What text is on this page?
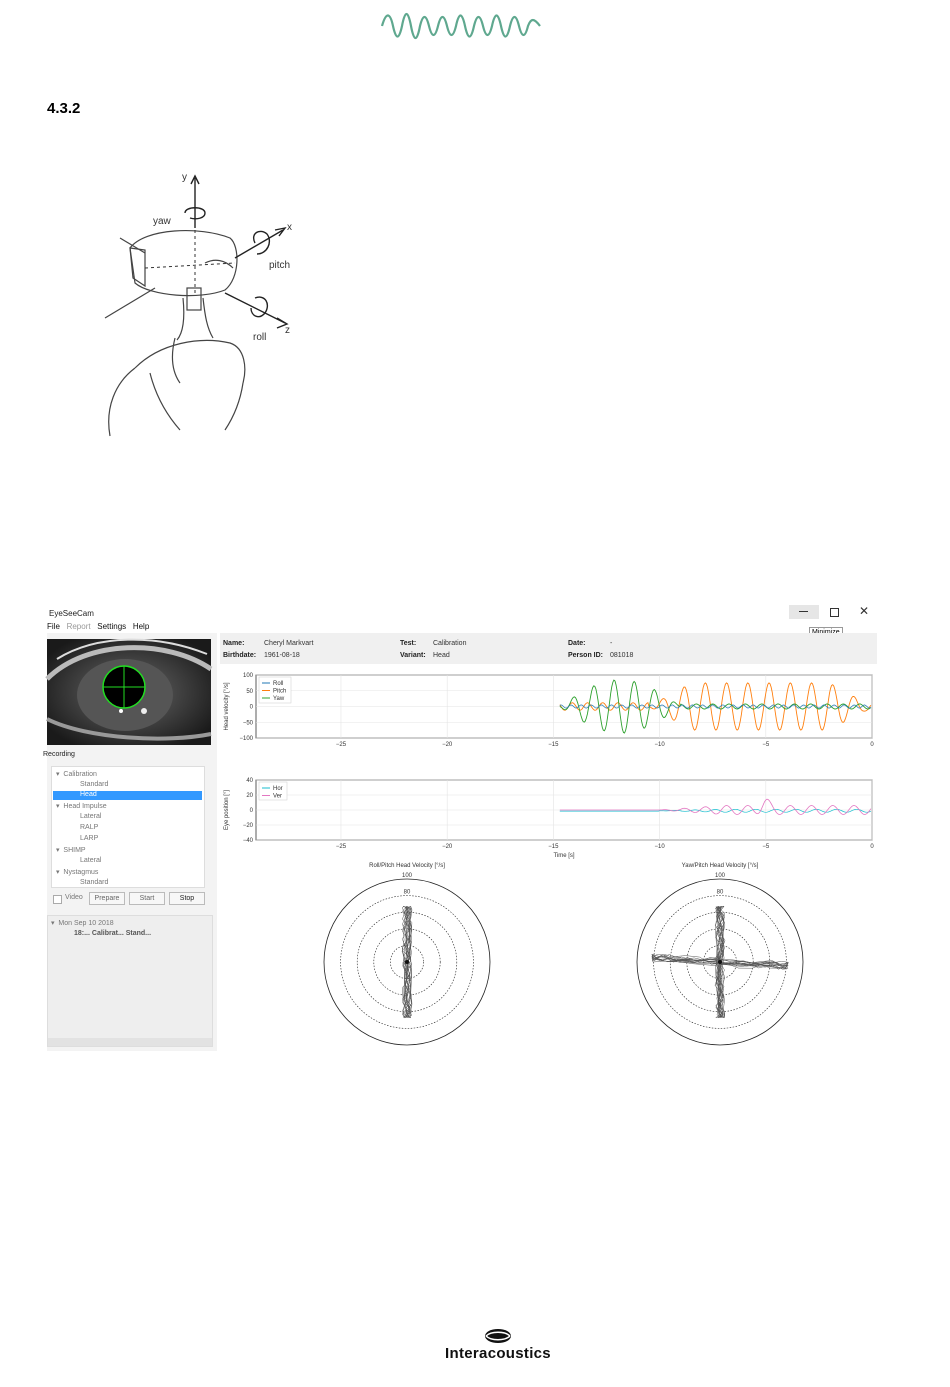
4.3.2
y
yaw
x
pitch
z
roll
EyeSeeCam	✕
File Report Settings Help
Recording
▾  Calibration
Standard
Head
▾  Head Impulse
Lateral
RALP
LARP
▾  SHIMP
Lateral
▾  Nystagmus
Standard
Video	Prepare	Start	Stop
▾  Mon Sep 10 2018
18:... Calibrat... Stand...
Name:	Cheryl Markvart
Birthdate: 1961-08-18
Test: Calibration
Variant: Head
Date:	-
Person ID: 081018
−25	−20	−15	−10	−5	0
100
50
0
−50
−100
Head velocity [°/s]	Roll
Pitch
Yaw
−25	−20	−15	−10	−5	0
40
20
0
−20
−40
Eye position [°]
Time [s]
Hor
Ver
Roll/Pitch Head Velocity [°/s]
100
80
Yaw/Pitch Head Velocity [°/s]
100
80
Interacoustics
